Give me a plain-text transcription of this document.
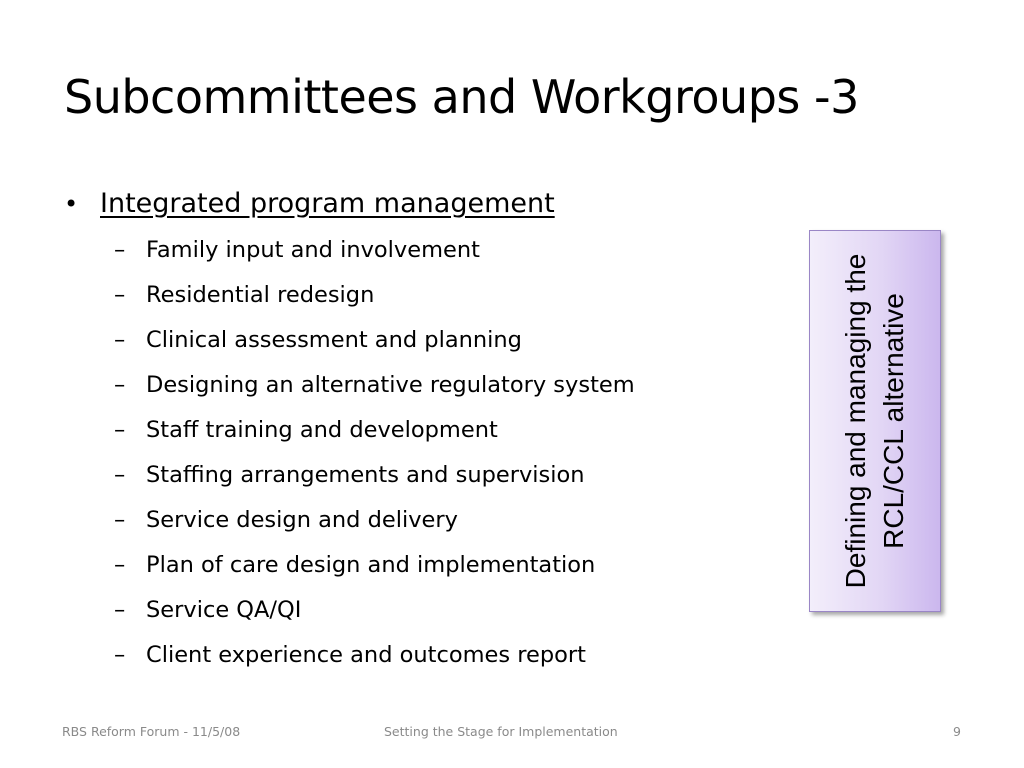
Subcommittees and Workgroups -3
• Integrated program management
– Family input and involvement
– Residential redesign
– Clinical assessment and planning
– Designing an alternative regulatory system
– Staff training and development
– Staffing arrangements and supervision
– Service design and delivery
– Plan of care design and implementation
– Service QA/QI
– Client experience and outcomes report
Defining and managing the RCL/CCL alternative
RBS Reform Forum - 11/5/08	Setting the Stage for Implementation	9
